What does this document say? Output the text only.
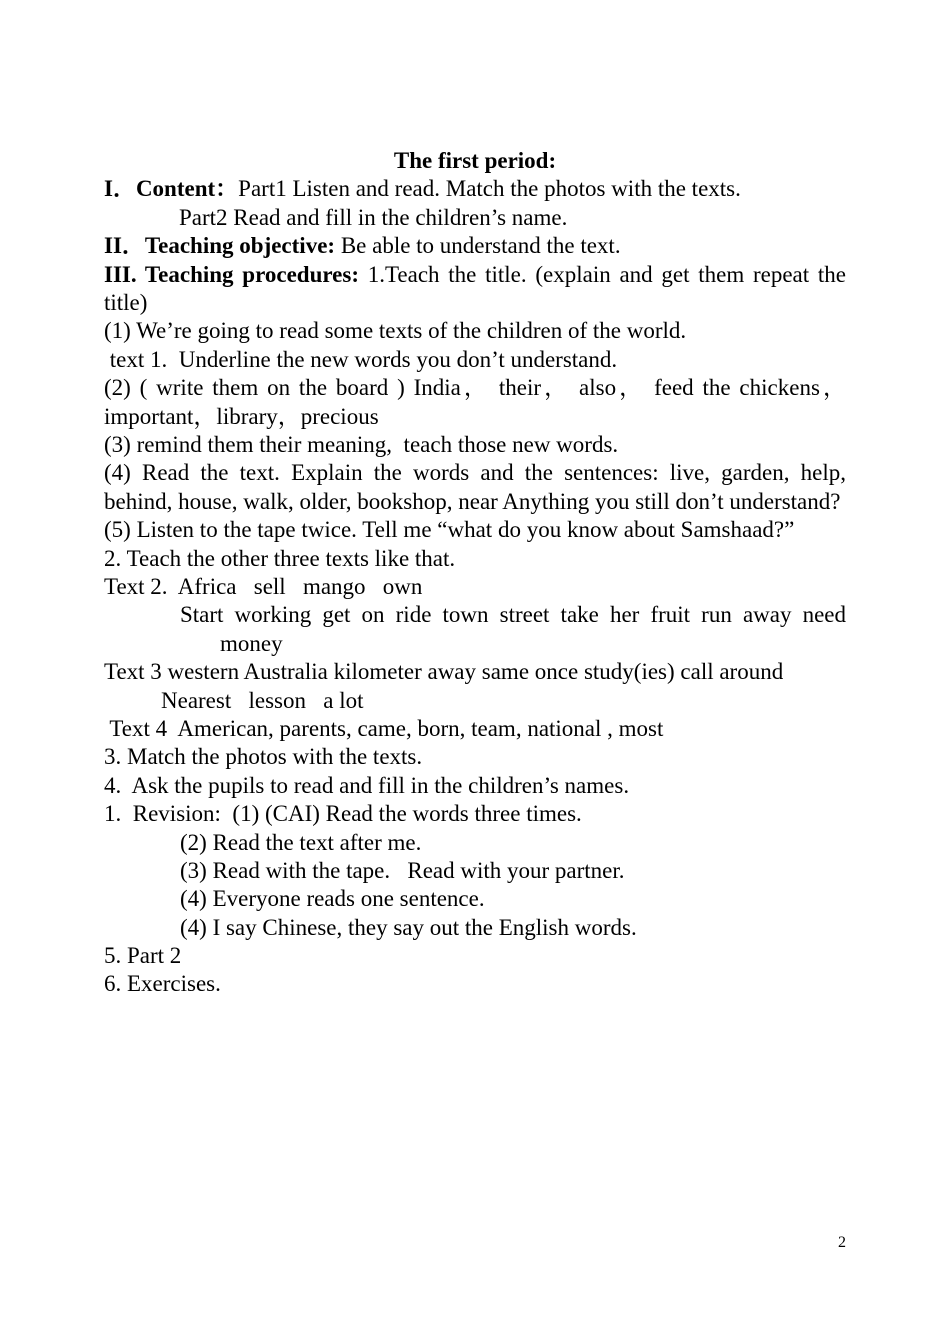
The first period:
I．Content：Part1 Listen and read. Match the photos with the texts.
Part2 Read and fill in the children’s name.
II．Teaching objective: Be able to understand the text.
III. Teaching procedures: 1.Teach the title. (explain and get them repeat the title)
(1) We’re going to read some texts of the children of the world.
text 1.  Underline the new words you don’t understand.
(2) ( write them on the board ) India， their， also， feed the chickens，important，library，precious
(3) remind them their meaning,  teach those new words.
(4) Read the text. Explain the words and the sentences: live, garden, help, behind, house, walk, older, bookshop, near Anything you still don’t understand?
(5) Listen to the tape twice. Tell me “what do you know about Samshaad?”
2. Teach the other three texts like that.
Text 2.  Africa   sell   mango   own
Start working get on ride town street take her fruit run away need money
Text 3 western Australia kilometer away same once study(ies) call around
Nearest   lesson   a lot
Text 4  American, parents, came, born, team, national , most
3. Match the photos with the texts.
4.  Ask the pupils to read and fill in the children’s names.
1.  Revision:  (1) (CAI) Read the words three times.
(2) Read the text after me.
(3) Read with the tape.   Read with your partner.
(4) Everyone reads one sentence.
(4) I say Chinese, they say out the English words.
5. Part 2
6. Exercises.
2
